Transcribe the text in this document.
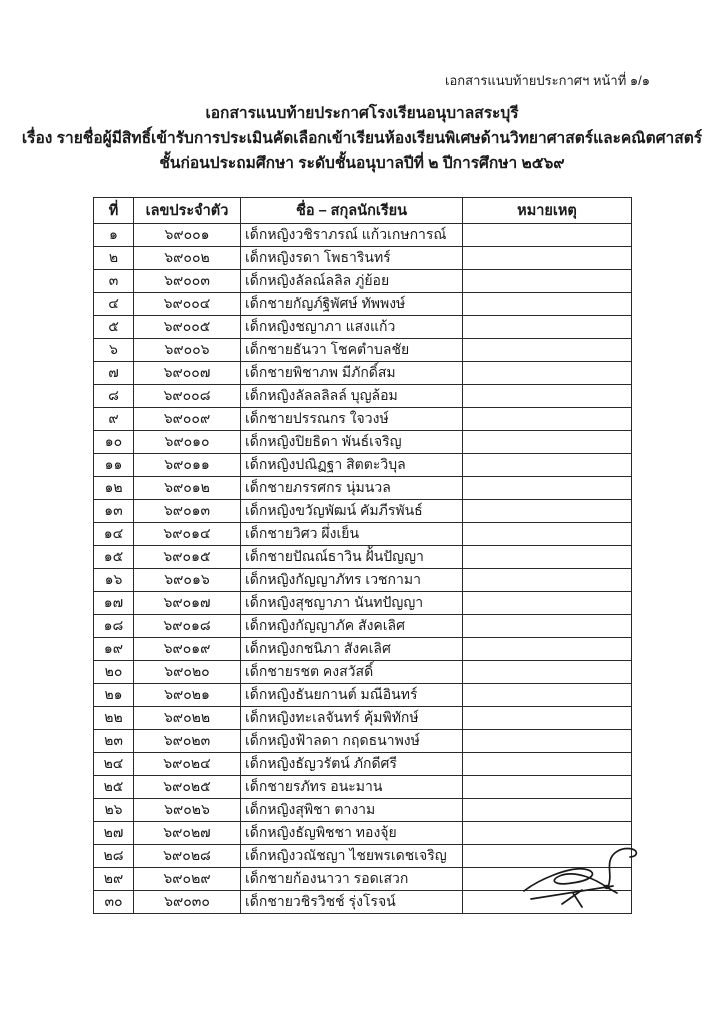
เอกสารแนบท้ายประกาศฯ หน้าที่ ๑/๑
เอกสารแนบท้ายประกาศโรงเรียนอนุบาลสระบุรี
เรื่อง รายชื่อผู้มีสิทธิ์เข้ารับการประเมินคัดเลือกเข้าเรียนห้องเรียนพิเศษด้านวิทยาศาสตร์และคณิตศาสตร์
ชั้นก่อนประถมศึกษา ระดับชั้นอนุบาลปีที่ ๒ ปีการศึกษา ๒๕๖๙
ที่	เลขประจำตัว	ชื่อ – สกุลนักเรียน	หมายเหตุ
๑	๖๙๐๐๑	เด็กหญิงวชิราภรณ์ แก้วเกษการณ์	
๒	๖๙๐๐๒	เด็กหญิงรดา โพธารินทร์	
๓	๖๙๐๐๓	เด็กหญิงลัลณ์ลลิล ภู่ย้อย	
๔	๖๙๐๐๔	เด็กชายกัญภ์ฐิพัศษ์ ทัพพงษ์	
๕	๖๙๐๐๕	เด็กหญิงชญาภา แสงแก้ว	
๖	๖๙๐๐๖	เด็กชายธันวา โชคตำบลชัย	
๗	๖๙๐๐๗	เด็กชายพิชาภพ มีภักดิ์สม	
๘	๖๙๐๐๘	เด็กหญิงลัลลลิลล์ บุญล้อม	
๙	๖๙๐๐๙	เด็กชายปรรณกร ใจวงษ์	
๑๐	๖๙๐๑๐	เด็กหญิงปิยธิดา พันธ์เจริญ	
๑๑	๖๙๐๑๑	เด็กหญิงปณิฏฐา สิตตะวิบุล	
๑๒	๖๙๐๑๒	เด็กชายภรรศกร นุ่มนวล	
๑๓	๖๙๐๑๓	เด็กหญิงขวัญพัฒน์ คัมภีรพันธ์	
๑๔	๖๙๐๑๔	เด็กชายวิศว ผึ่งเย็น	
๑๕	๖๙๐๑๕	เด็กชายปัณณ์ธาวิน ฝั้นปัญญา	
๑๖	๖๙๐๑๖	เด็กหญิงกัญญาภัทร เวชกามา	
๑๗	๖๙๐๑๗	เด็กหญิงสุชญาภา นันทปัญญา	
๑๘	๖๙๐๑๘	เด็กหญิงกัญญาภัค สังคเลิศ	
๑๙	๖๙๐๑๙	เด็กหญิงกชนิภา สังคเลิศ	
๒๐	๖๙๐๒๐	เด็กชายรชต คงสวัสดิ์	
๒๑	๖๙๐๒๑	เด็กหญิงธันยกานต์ มณีอินทร์	
๒๒	๖๙๐๒๒	เด็กหญิงทะเลจันทร์ คุ้มพิทักษ์	
๒๓	๖๙๐๒๓	เด็กหญิงฟ้าลดา กฤดธนาพงษ์	
๒๔	๖๙๐๒๔	เด็กหญิงธัญวรัตน์ ภักดีศรี	
๒๕	๖๙๐๒๕	เด็กชายรภัทร อนะมาน	
๒๖	๖๙๐๒๖	เด็กหญิงสุพิชา ตางาม	
๒๗	๖๙๐๒๗	เด็กหญิงธัญพิชชา ทองจุ้ย	
๒๘	๖๙๐๒๘	เด็กหญิงวณัชญา ไชยพรเดชเจริญ	
๒๙	๖๙๐๒๙	เด็กชายก้องนาวา รอดเสวก	
๓๐	๖๙๐๓๐	เด็กชายวชิรวิชช์ รุ่งโรจน์	
